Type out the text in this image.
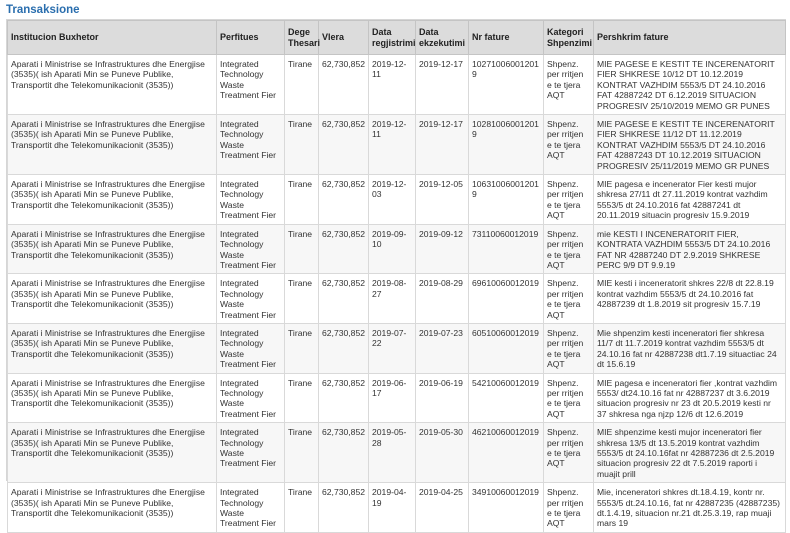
Transaksione
Institucion Buxhetor	Perfitues	Dege Thesari	Vlera	Data regjistrimi	Data ekzekutimi	Nr fature	Kategori Shpenzimi	Pershkrim fature
Aparati i Ministrise se Infrastruktures dhe Energjise (3535)( ish Aparati Min se Puneve Publike, Transportit dhe Telekomunikacionit (3535))	Integrated Technology Waste Treatment Fier	Tirane	62,730,852	2019-12-11	2019-12-17	102710060012019	Shpenz. per rritjen e te tjera AQT	MIE PAGESE E KESTIT TE INCERENATORIT FIER SHKRESE 10/12 DT 10.12.2019 KONTRAT VAZHDIM 5553/5 DT 24.10.2016 FAT 42887242 DT 6.12.2019 SITUACION PROGRESIV 25/10/2019 MEMO GR PUNES
Aparati i Ministrise se Infrastruktures dhe Energjise (3535)( ish Aparati Min se Puneve Publike, Transportit dhe Telekomunikacionit (3535))	Integrated Technology Waste Treatment Fier	Tirane	62,730,852	2019-12-11	2019-12-17	102810060012019	Shpenz. per rritjen e te tjera AQT	MIE PAGESE E KESTIT TE INCERENATORIT FIER SHKRESE 11/12 DT 11.12.2019 KONTRAT VAZHDIM 5553/5 DT 24.10.2016 FAT 42887243 DT 10.12.2019 SITUACION PROGRESIV 25/11/2019 MEMO GR PUNES
Aparati i Ministrise se Infrastruktures dhe Energjise (3535)( ish Aparati Min se Puneve Publike, Transportit dhe Telekomunikacionit (3535))	Integrated Technology Waste Treatment Fier	Tirane	62,730,852	2019-12-03	2019-12-05	106310060012019	Shpenz. per rritjen e te tjera AQT	MIE pagesa e incenerator Fier kesti mujor shkresa 27/11 dt 27.11.2019 kontrat vazhdim 5553/5 dt 24.10.2016 fat 42887241 dt 20.11.2019 situacin progresiv 15.9.2019
Aparati i Ministrise se Infrastruktures dhe Energjise (3535)( ish Aparati Min se Puneve Publike, Transportit dhe Telekomunikacionit (3535))	Integrated Technology Waste Treatment Fier	Tirane	62,730,852	2019-09-10	2019-09-12	73110060012019	Shpenz. per rritjen e te tjera AQT	mie KESTI I INCENERATORIT FIER, KONTRATA VAZHDIM 5553/5 DT 24.10.2016 FAT NR 42887240 DT 2.9.2019 SHKRESE PERC 9/9 DT 9.9.19
Aparati i Ministrise se Infrastruktures dhe Energjise (3535)( ish Aparati Min se Puneve Publike, Transportit dhe Telekomunikacionit (3535))	Integrated Technology Waste Treatment Fier	Tirane	62,730,852	2019-08-27	2019-08-29	69610060012019	Shpenz. per rritjen e te tjera AQT	MIE kesti i inceneratorit shkres 22/8 dt 22.8.19 kontrat vazhdim 5553/5 dt 24.10.2016 fat 42887239 dt 1.8.2019 sit progresiv 15.7.19
Aparati i Ministrise se Infrastruktures dhe Energjise (3535)( ish Aparati Min se Puneve Publike, Transportit dhe Telekomunikacionit (3535))	Integrated Technology Waste Treatment Fier	Tirane	62,730,852	2019-07-22	2019-07-23	60510060012019	Shpenz. per rritjen e te tjera AQT	Mie shpenzim kesti inceneratori fier shkresa 11/7 dt 11.7.2019 kontrat vazhdim 5553/5 dt 24.10.16 fat nr 42887238 dt1.7.19 situactiac 24 dt 15.6.19
Aparati i Ministrise se Infrastruktures dhe Energjise (3535)( ish Aparati Min se Puneve Publike, Transportit dhe Telekomunikacionit (3535))	Integrated Technology Waste Treatment Fier	Tirane	62,730,852	2019-06-17	2019-06-19	54210060012019	Shpenz. per rritjen e te tjera AQT	MIE pagesa e inceneratori fier ,kontrat vazhdim 5553/ dt24.10.16 fat nr 42887237 dt 3.6.2019 situacion progresiv nr 23 dt 20.5.2019 kesti nr 37 shkresa nga njzp 12/6 dt 12.6.2019
Aparati i Ministrise se Infrastruktures dhe Energjise (3535)( ish Aparati Min se Puneve Publike, Transportit dhe Telekomunikacionit (3535))	Integrated Technology Waste Treatment Fier	Tirane	62,730,852	2019-05-28	2019-05-30	46210060012019	Shpenz. per rritjen e te tjera AQT	MIE shpenzime kesti mujor inceneratori fier shkresa 13/5 dt 13.5.2019 kontrat vazhdim 5553/5 dt 24.10.16fat nr 42887236 dt 2.5.2019 situacion progresiv 22 dt 7.5.2019 raporti i muajit prill
Aparati i Ministrise se Infrastruktures dhe Energjise (3535)( ish Aparati Min se Puneve Publike, Transportit dhe Telekomunikacionit (3535))	Integrated Technology Waste Treatment Fier	Tirane	62,730,852	2019-04-19	2019-04-25	34910060012019	Shpenz. per rritjen e te tjera AQT	Mie, inceneratori shkres dt.18.4.19, kontr nr. 5553/5 dt.24.10.16, fat nr 42887235 (42887235) dt.1.4.19, situacion nr.21 dt.25.3.19, rap muaji mars 19
